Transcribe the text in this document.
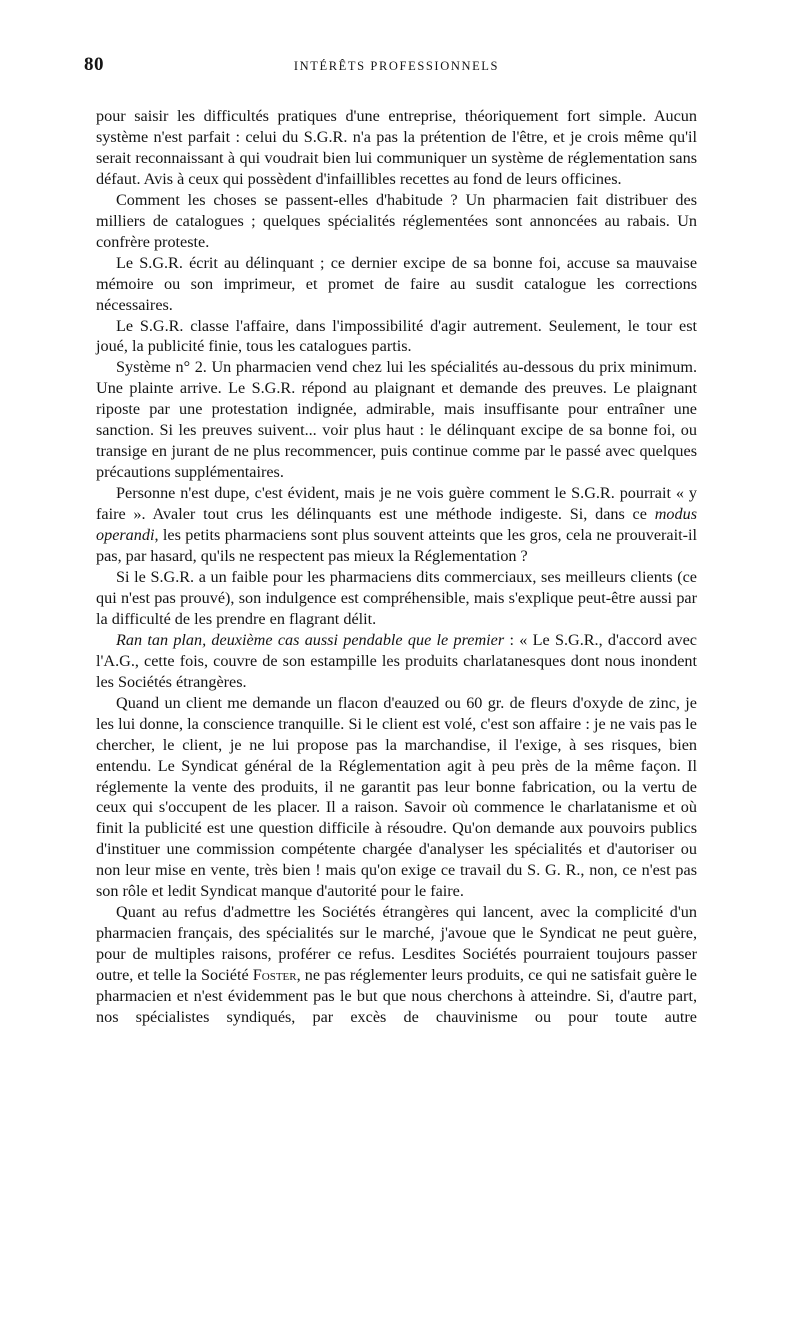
80	INTÉRÊTS PROFESSIONNELS

pour saisir les difficultés pratiques d'une entreprise, théoriquement fort simple. Aucun système n'est parfait : celui du S.G.R. n'a pas la prétention de l'être, et je crois même qu'il serait reconnaissant à qui voudrait bien lui communiquer un système de réglementation sans défaut. Avis à ceux qui possèdent d'infaillibles recettes au fond de leurs officines.

Comment les choses se passent-elles d'habitude ? Un pharmacien fait distribuer des milliers de catalogues ; quelques spécialités réglementées sont annoncées au rabais. Un confrère proteste.

Le S.G.R. écrit au délinquant ; ce dernier excipe de sa bonne foi, accuse sa mauvaise mémoire ou son imprimeur, et promet de faire au susdit catalogue les corrections nécessaires.

Le S.G.R. classe l'affaire, dans l'impossibilité d'agir autrement. Seulement, le tour est joué, la publicité finie, tous les catalogues partis.

Système n° 2. Un pharmacien vend chez lui les spécialités au-dessous du prix minimum. Une plainte arrive. Le S.G.R. répond au plaignant et demande des preuves. Le plaignant riposte par une protestation indignée, admirable, mais insuffisante pour entraîner une sanction. Si les preuves suivent... voir plus haut : le délinquant excipe de sa bonne foi, ou transige en jurant de ne plus recommencer, puis continue comme par le passé avec quelques précautions supplémentaires.

Personne n'est dupe, c'est évident, mais je ne vois guère comment le S.G.R. pourrait « y faire ». Avaler tout crus les délinquants est une méthode indigeste. Si, dans ce modus operandi, les petits pharmaciens sont plus souvent atteints que les gros, cela ne prouverait-il pas, par hasard, qu'ils ne respectent pas mieux la Réglementation ?

Si le S.G.R. a un faible pour les pharmaciens dits commerciaux, ses meilleurs clients (ce qui n'est pas prouvé), son indulgence est compréhensible, mais s'explique peut-être aussi par la difficulté de les prendre en flagrant délit.

Ran tan plan, deuxième cas aussi pendable que le premier : « Le S.G.R., d'accord avec l'A.G., cette fois, couvre de son estampille les produits charlatanesques dont nous inondent les Sociétés étrangères.

Quand un client me demande un flacon d'eauzed ou 60 gr. de fleurs d'oxyde de zinc, je les lui donne, la conscience tranquille. Si le client est volé, c'est son affaire : je ne vais pas le chercher, le client, je ne lui propose pas la marchandise, il l'exige, à ses risques, bien entendu. Le Syndicat général de la Réglementation agit à peu près de la même façon. Il réglemente la vente des produits, il ne garantit pas leur bonne fabrication, ou la vertu de ceux qui s'occupent de les placer. Il a raison. Savoir où commence le charlatanisme et où finit la publicité est une question difficile à résoudre. Qu'on demande aux pouvoirs publics d'instituer une commission compétente chargée d'analyser les spécialités et d'autoriser ou non leur mise en vente, très bien ! mais qu'on exige ce travail du S. G. R., non, ce n'est pas son rôle et ledit Syndicat manque d'autorité pour le faire.

Quant au refus d'admettre les Sociétés étrangères qui lancent, avec la complicité d'un pharmacien français, des spécialités sur le marché, j'avoue que le Syndicat ne peut guère, pour de multiples raisons, proférer ce refus. Lesdites Sociétés pourraient toujours passer outre, et telle la Société Foster, ne pas réglementer leurs produits, ce qui ne satisfait guère le pharmacien et n'est évidemment pas le but que nous cherchons à atteindre. Si, d'autre part, nos spécialistes syndiqués, par excès de chauvinisme ou pour toute autre
